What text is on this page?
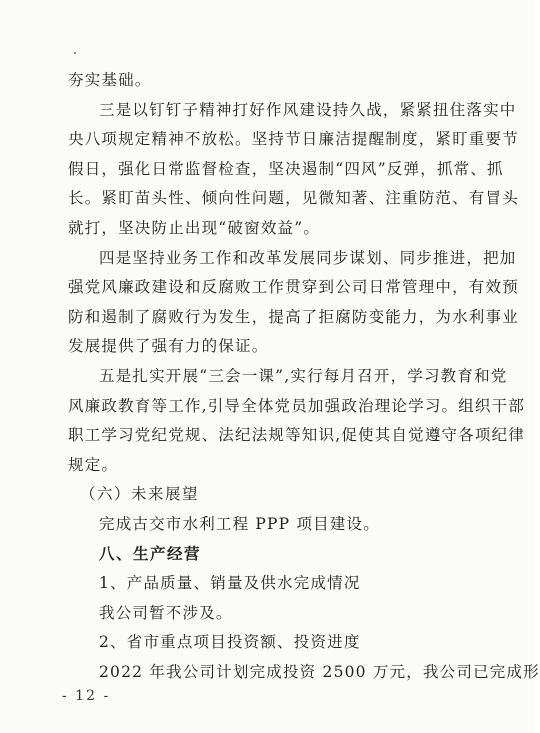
夯实基础。
三是以钉钉子精神打好作风建设持久战，紧紧扭住落实中
央八项规定精神不放松。坚持节日廉洁提醒制度，紧盯重要节
假日，强化日常监督检查，坚决遏制“四风”反弹，抓常、抓
长。紧盯苗头性、倾向性问题，见微知著、注重防范、有冒头
就打，坚决防止出现“破窗效益”。
四是坚持业务工作和改革发展同步谋划、同步推进，把加
强党风廉政建设和反腐败工作贯穿到公司日常管理中，有效预
防和遏制了腐败行为发生，提高了拒腐防变能力，为水利事业
发展提供了强有力的保证。
五是扎实开展“三会一课”,实行每月召开，学习教育和党
风廉政教育等工作,引导全体党员加强政治理论学习。组织干部
职工学习党纪党规、法纪法规等知识,促使其自觉遵守各项纪律
规定。
（六）未来展望
完成古交市水利工程 PPP 项目建设。
八、生产经营
1、产品质量、销量及供水完成情况
我公司暂不涉及。
2、省市重点项目投资额、投资进度
2022 年我公司计划完成投资 2500 万元，我公司已完成形
- 12 -
